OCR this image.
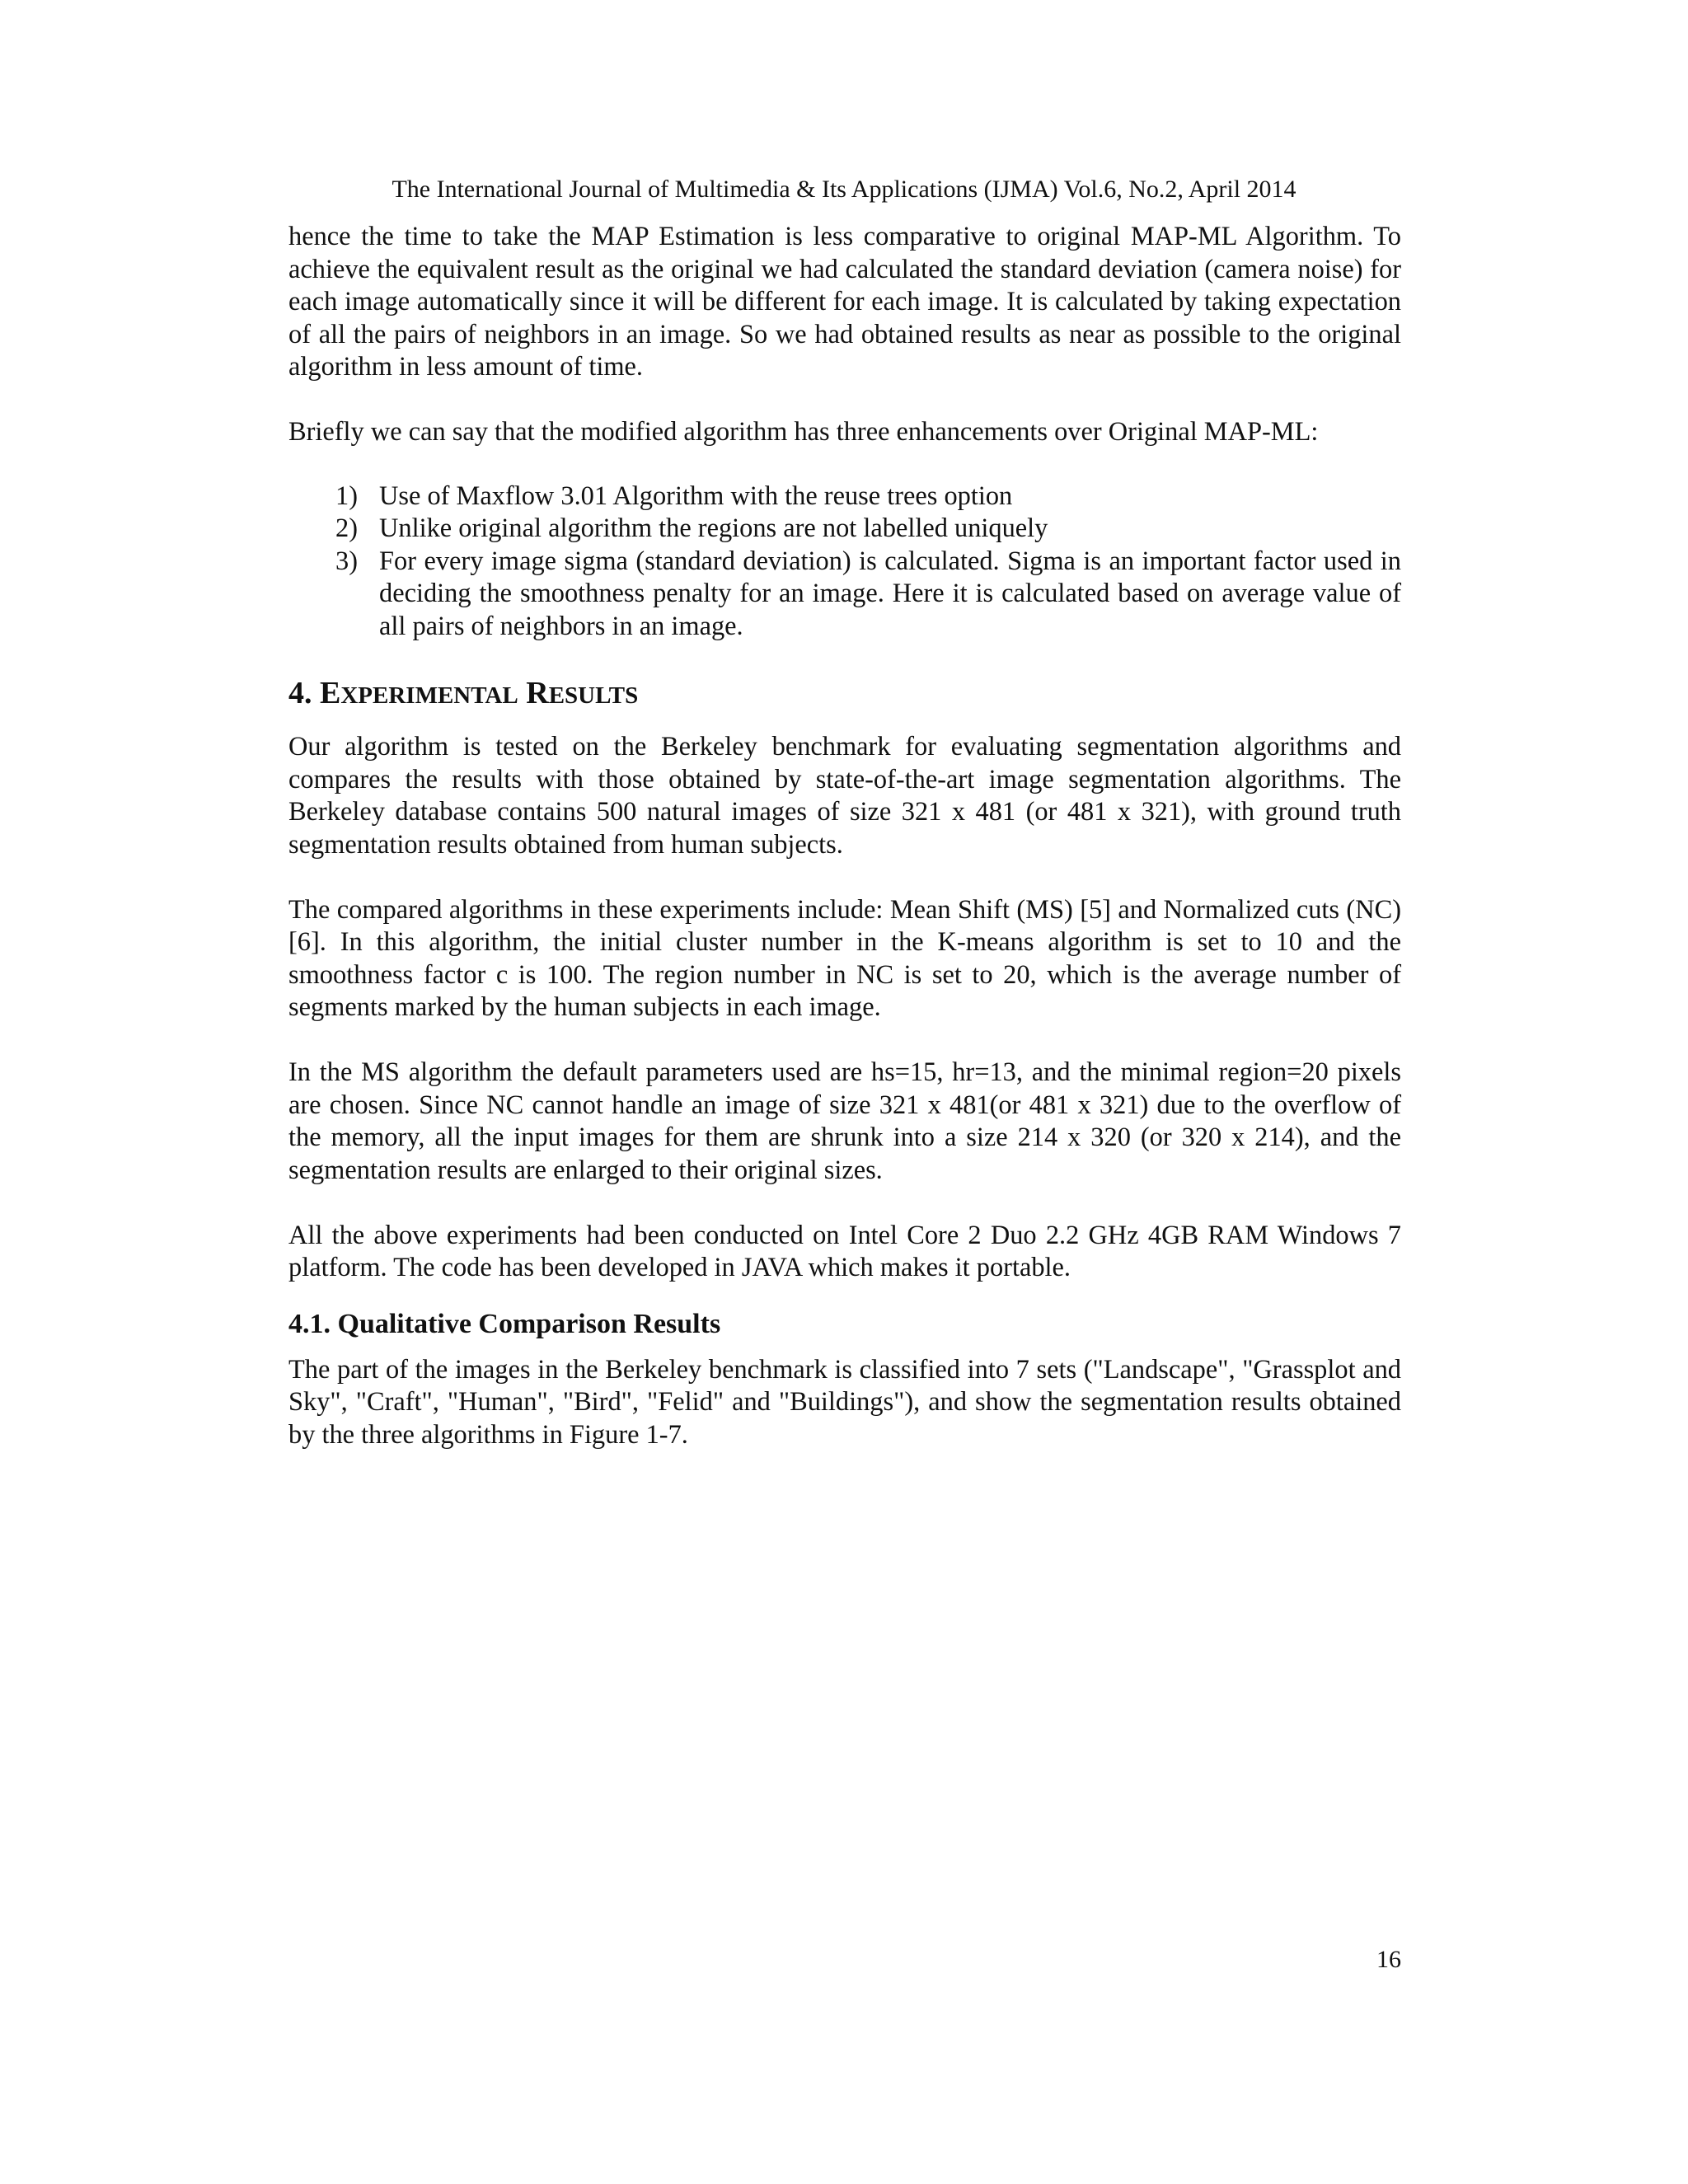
The International Journal of Multimedia & Its Applications (IJMA) Vol.6, No.2, April 2014

hence the time to take the MAP Estimation is less comparative to original MAP-ML Algorithm. To achieve the equivalent result as the original we had calculated the standard deviation (camera noise) for each image automatically since it will be different for each image. It is calculated by taking expectation of all the pairs of neighbors in an image. So we had obtained results as near as possible to the original algorithm in less amount of time.

Briefly we can say that the modified algorithm has three enhancements over Original MAP-ML:

1) Use of Maxflow 3.01 Algorithm with the reuse trees option
2) Unlike original algorithm the regions are not labelled uniquely
3) For every image sigma (standard deviation) is calculated. Sigma is an important factor used in deciding the smoothness penalty for an image. Here it is calculated based on average value of all pairs of neighbors in an image.
4. EXPERIMENTAL RESULTS

Our algorithm is tested on the Berkeley benchmark for evaluating segmentation algorithms and compares the results with those obtained by state-of-the-art image segmentation algorithms. The Berkeley database contains 500 natural images of size 321 x 481 (or 481 x 321), with ground truth segmentation results obtained from human subjects.

The compared algorithms in these experiments include: Mean Shift (MS) [5] and Normalized cuts (NC) [6]. In this algorithm, the initial cluster number in the K-means algorithm is set to 10 and the smoothness factor c is 100. The region number in NC is set to 20, which is the average number of segments marked by the human subjects in each image.

In the MS algorithm the default parameters used are hs=15, hr=13, and the minimal region=20 pixels are chosen. Since NC cannot handle an image of size 321 x 481(or 481 x 321) due to the overflow of the memory, all the input images for them are shrunk into a size 214 x 320 (or 320 x 214), and the segmentation results are enlarged to their original sizes.

All the above experiments had been conducted on Intel Core 2 Duo 2.2 GHz 4GB RAM Windows 7 platform. The code has been developed in JAVA which makes it portable.

4.1. Qualitative Comparison Results

The part of the images in the Berkeley benchmark is classified into 7 sets ("Landscape", "Grassplot and Sky", "Craft", "Human", "Bird", "Felid" and "Buildings"), and show the segmentation results obtained by the three algorithms in Figure 1-7.

16
